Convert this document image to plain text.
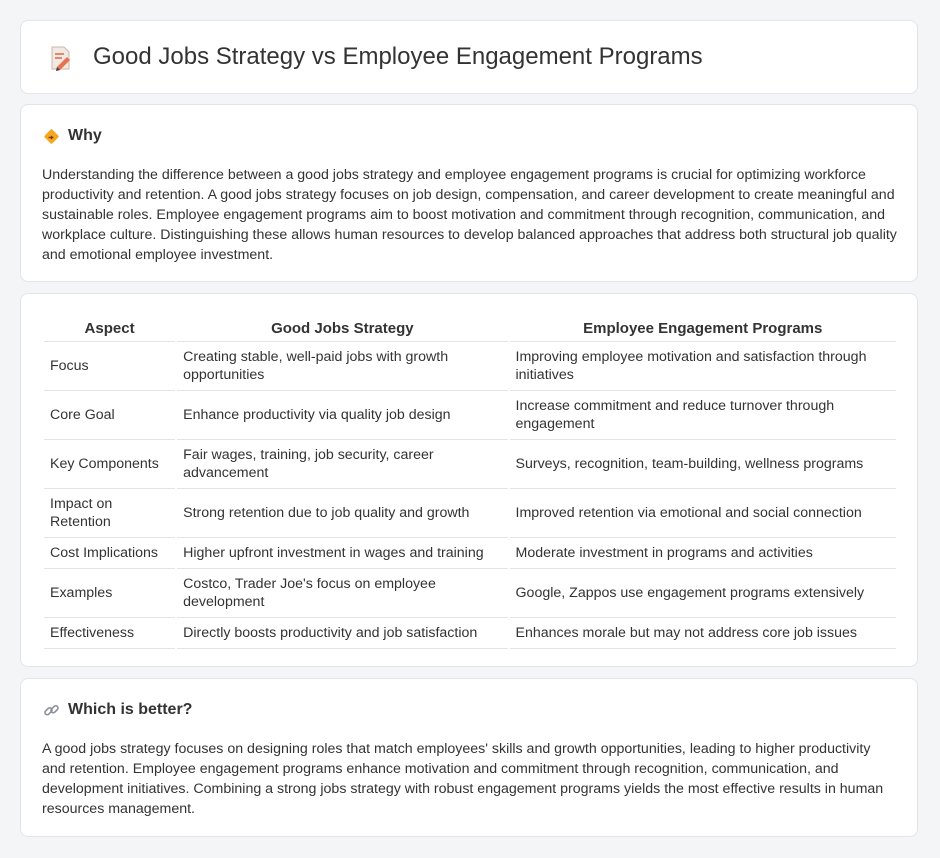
Good Jobs Strategy vs Employee Engagement Programs
Why

Understanding the difference between a good jobs strategy and employee engagement programs is crucial for optimizing workforce productivity and retention. A good jobs strategy focuses on job design, compensation, and career development to create meaningful and sustainable roles. Employee engagement programs aim to boost motivation and commitment through recognition, communication, and workplace culture. Distinguishing these allows human resources to develop balanced approaches that address both structural job quality and emotional employee investment.

Aspect	Good Jobs Strategy	Employee Engagement Programs
Focus	Creating stable, well-paid jobs with growth opportunities	Improving employee motivation and satisfaction through initiatives
Core Goal	Enhance productivity via quality job design	Increase commitment and reduce turnover through engagement
Key Components	Fair wages, training, job security, career advancement	Surveys, recognition, team-building, wellness programs
Impact on Retention	Strong retention due to job quality and growth	Improved retention via emotional and social connection
Cost Implications	Higher upfront investment in wages and training	Moderate investment in programs and activities
Examples	Costco, Trader Joe's focus on employee development	Google, Zappos use engagement programs extensively
Effectiveness	Directly boosts productivity and job satisfaction	Enhances morale but may not address core job issues
Which is better?

A good jobs strategy focuses on designing roles that match employees' skills and growth opportunities, leading to higher productivity and retention. Employee engagement programs enhance motivation and commitment through recognition, communication, and development initiatives. Combining a strong jobs strategy with robust engagement programs yields the most effective results in human resources management.
